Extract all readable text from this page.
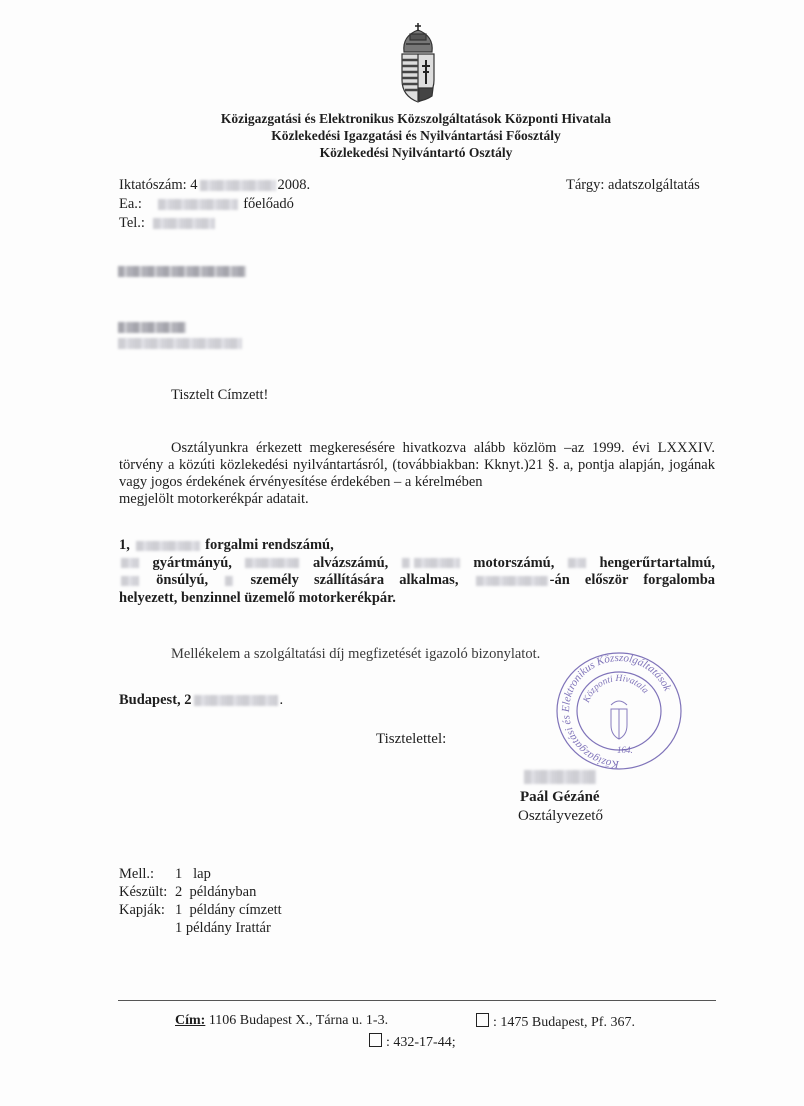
Közigazgatási és Elektronikus Közszolgáltatások Központi Hivatala
Közlekedési Igazgatási és Nyilvántartási Főosztály
Közlekedési Nyilvántartó Osztály
Iktatószám: 4	2008.
Ea.:	főelőadó
Tel.:
Tárgy: adatszolgáltatás
Tisztelt Címzett!
Osztályunkra érkezett megkeresésére hivatkozva alább közlöm –az 1999. évi LXXXIV. törvény a közúti közlekedési nyilvántartásról, (továbbiakban: Kknyt.)21 §. a, pontja alapján, jogának vagy jogos érdekének érvényesítése érdekében – a kérelmében
megjelölt motorkerékpár adatait.
1,	forgalmi rendszámú,
gyártmányú,	alvázszámú,	motorszámú,	hengerűrtartalmú,
önsúlyú,	személy szállítására alkalmas,	-án először forgalomba
helyezett, benzinnel üzemelő motorkerékpár.
Mellékelem a szolgáltatási díj megfizetését igazoló bizonylatot.
Budapest, 2	.
Tisztelettel:
Paál Gézáné
Osztályvezető
Közigazgatási és Elektronikus Közszolgáltatások
Központi Hivatala
164.
Mell.: 1   lap
Készült: 2  példányban
Kapják: 1  példány címzett
1 példány Irattár
Cím: 1106 Budapest X., Tárna u. 1-3.	: 1475 Budapest, Pf. 367.
: 432-17-44;
